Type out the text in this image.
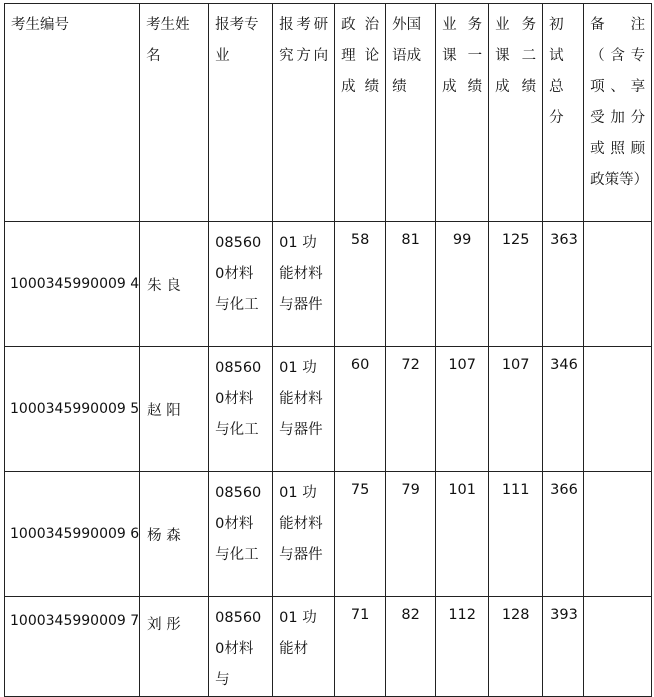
考生编号	考生姓名	报考专业	报考研究方向	政治理论成绩	外国语成绩	业务课一成绩	业务课二成绩	初试总分	备注（含专项、享受加分或照顾政策等）
1000345990009 4	朱 良	085600材料与化工	01 功能材料与器件	58	81	99	125	363	
1000345990009 5	赵 阳	085600材料与化工	01 功能材料与器件	60	72	107	107	346	
1000345990009 6	杨 森	085600材料与化工	01 功能材料与器件	75	79	101	111	366	
1000345990009 7	刘 彤	085600材料与	01 功能材	71	82	112	128	393	
